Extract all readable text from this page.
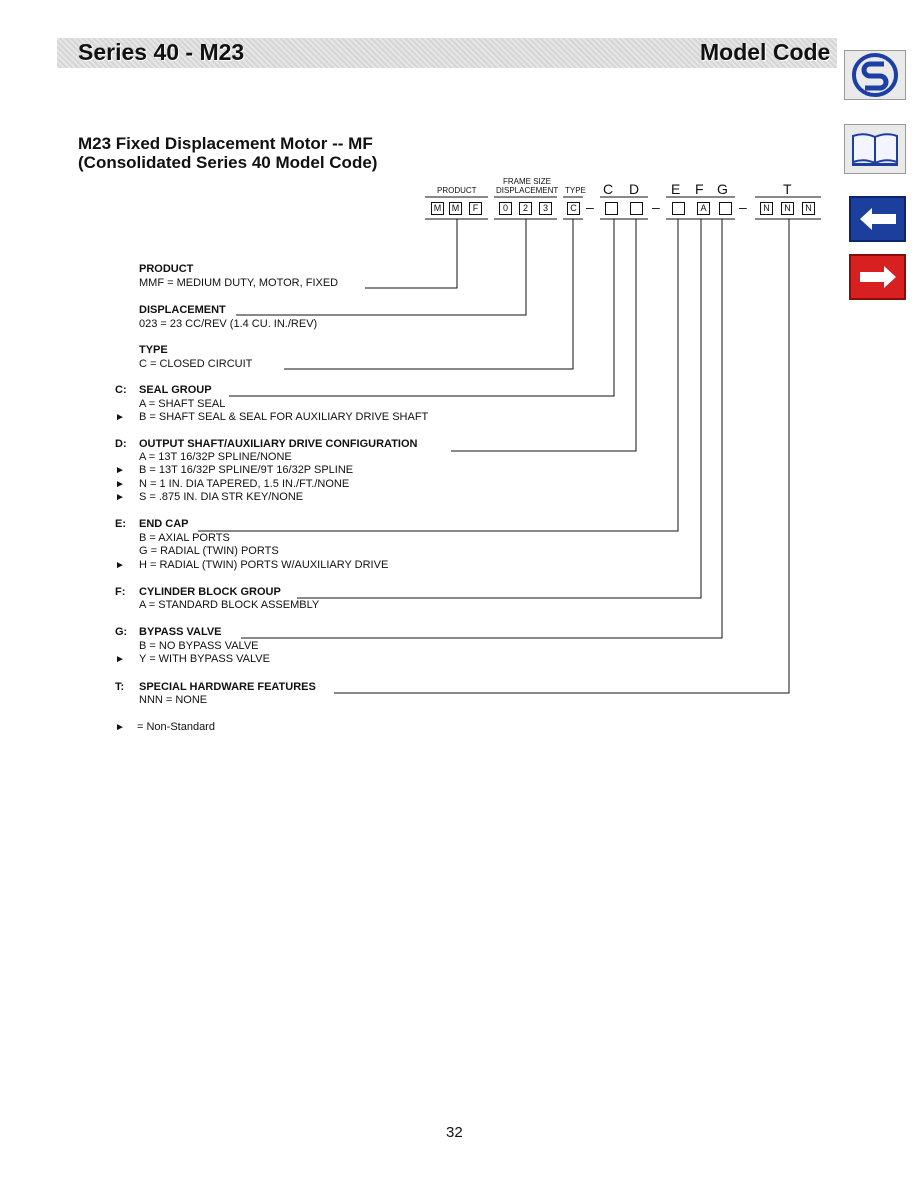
Series 40 - M23	Model Code
M23 Fixed Displacement Motor -- MF
(Consolidated Series 40 Model Code)
PRODUCT
FRAME SIZE
DISPLACEMENT TYPE C D E F G	T
M	M	F	0	2	3	C –	–	A –	N	N	N
PRODUCT
MMF = MEDIUM DUTY, MOTOR, FIXED
DISPLACEMENT
023 = 23 CC/REV (1.4 CU. IN./REV)
TYPE
C = CLOSED CIRCUIT
C: SEAL GROUP
A = SHAFT SEAL
► B = SHAFT SEAL & SEAL FOR AUXILIARY DRIVE SHAFT
D: OUTPUT SHAFT/AUXILIARY DRIVE CONFIGURATION
A = 13T 16/32P SPLINE/NONE
► B = 13T 16/32P SPLINE/9T 16/32P SPLINE
► N = 1 IN. DIA TAPERED, 1.5 IN./FT./NONE
► S = .875 IN. DIA STR KEY/NONE
E: END CAP
B = AXIAL PORTS
G = RADIAL (TWIN) PORTS
► H = RADIAL (TWIN) PORTS W/AUXILIARY DRIVE
F: CYLINDER BLOCK GROUP
A = STANDARD BLOCK ASSEMBLY
G: BYPASS VALVE
B = NO BYPASS VALVE
► Y = WITH BYPASS VALVE
T: SPECIAL HARDWARE FEATURES
NNN = NONE
► = Non-Standard
32
